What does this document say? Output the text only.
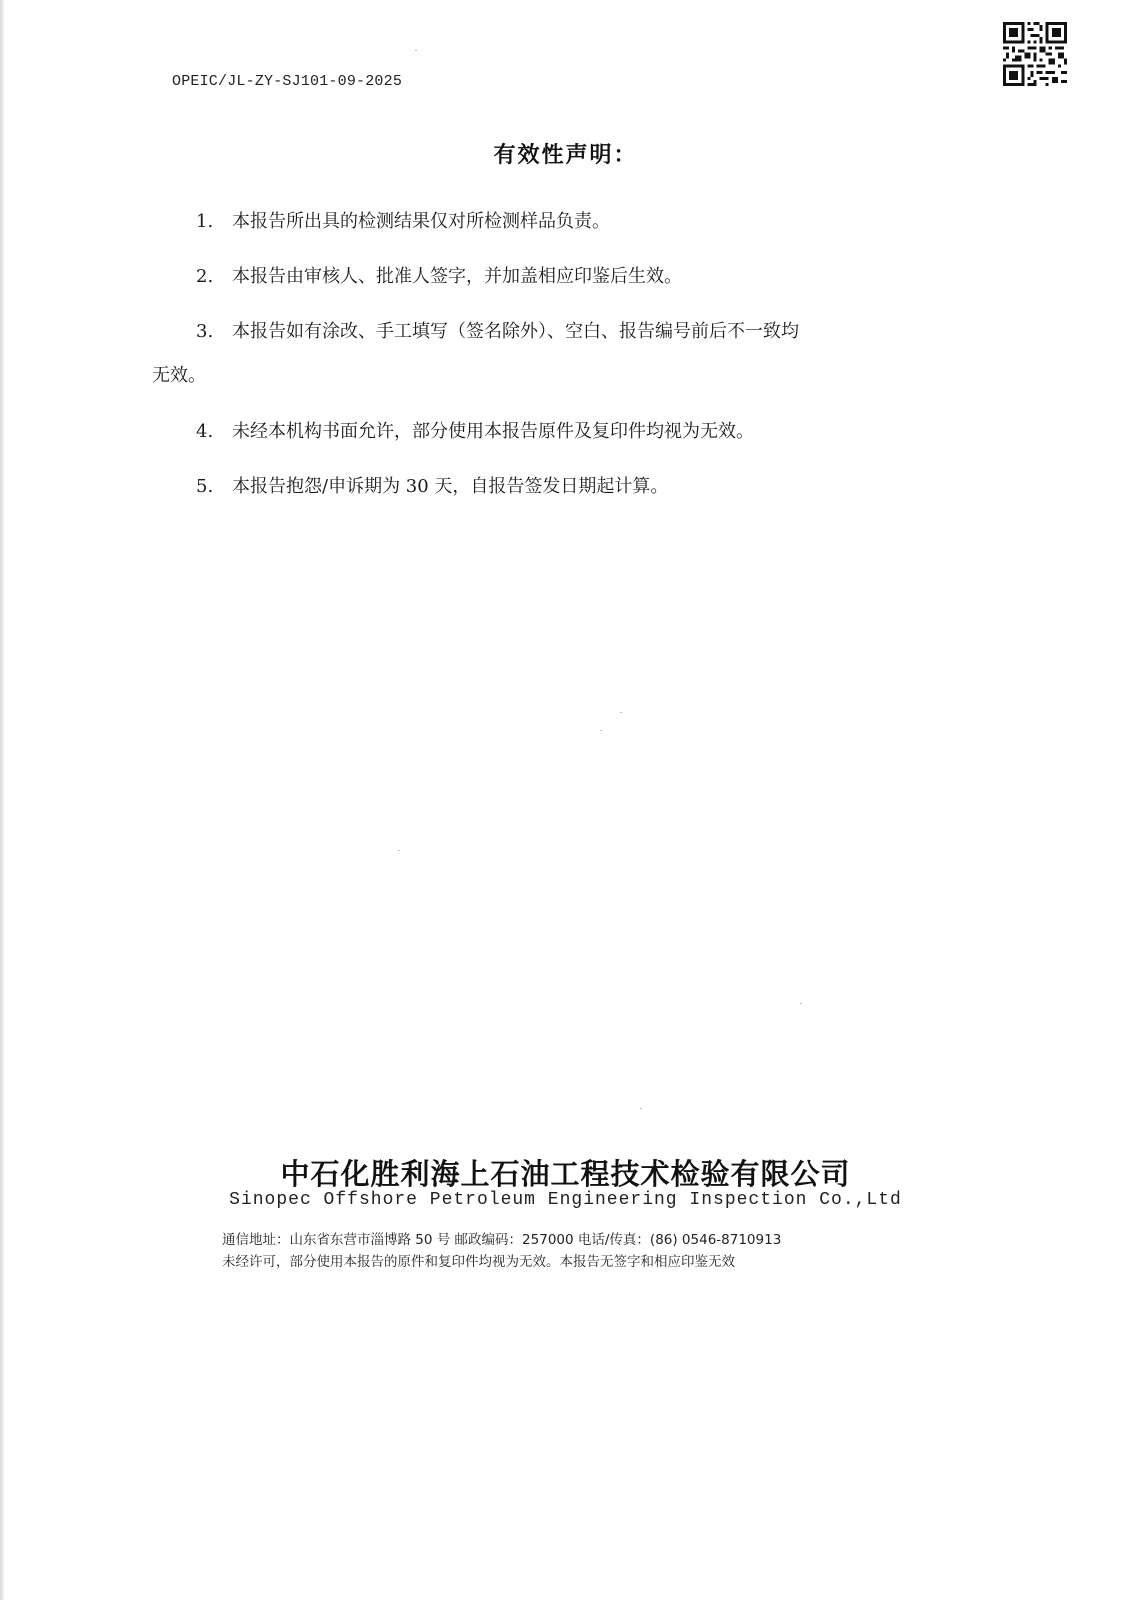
OPEIC/JL-ZY-SJ101-09-2025
有效性声明：
1. 本报告所出具的检测结果仅对所检测样品负责。
2. 本报告由审核人、批准人签字，并加盖相应印鉴后生效。
3. 本报告如有涂改、手工填写（签名除外）、空白、报告编号前后不一致均
无效。
4. 未经本机构书面允许，部分使用本报告原件及复印件均视为无效。
5. 本报告抱怨/申诉期为 30 天，自报告签发日期起计算。
中石化胜利海上石油工程技术检验有限公司
Sinopec Offshore Petroleum Engineering Inspection Co.,Ltd
通信地址：山东省东营市淄博路 50 号 邮政编码：257000 电话/传真：(86) 0546-8710913
未经许可，部分使用本报告的原件和复印件均视为无效。本报告无签字和相应印鉴无效
